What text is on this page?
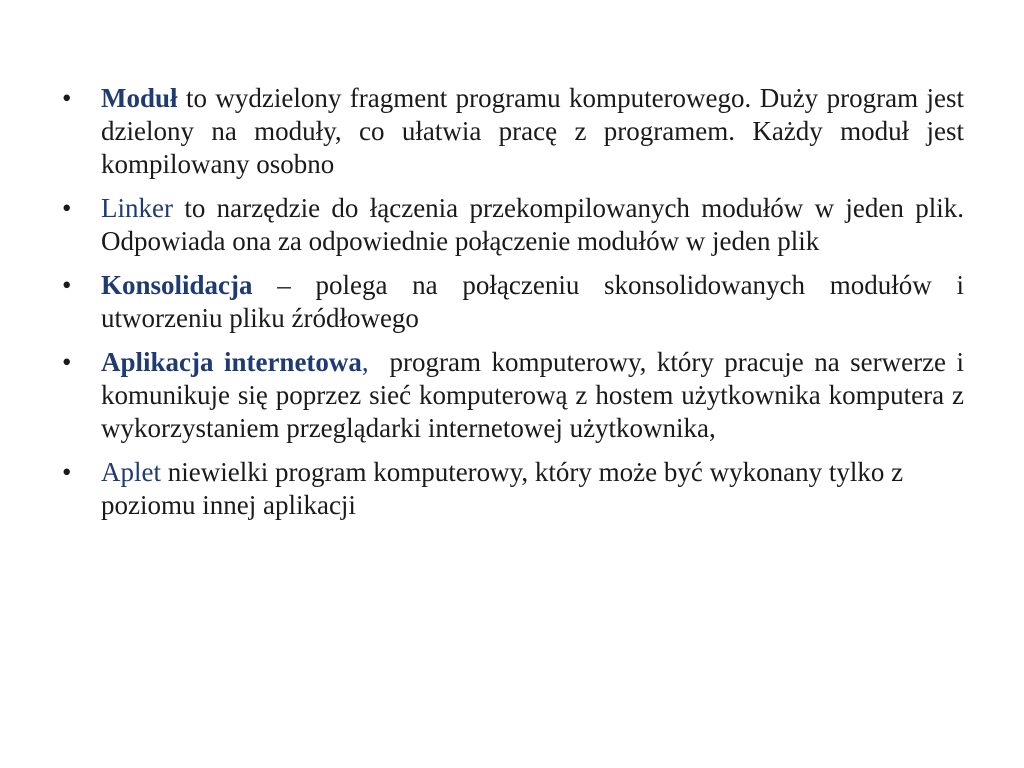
•	Moduł to wydzielony fragment programu komputerowego. Duży program jest dzielony na moduły, co ułatwia pracę z programem. Każdy moduł jest kompilowany osobno
•	Linker to narzędzie do łączenia przekompilowanych modułów w jeden plik. Odpowiada ona za odpowiednie połączenie modułów w jeden plik
•	Konsolidacja – polega na połączeniu skonsolidowanych modułów i utworzeniu pliku źródłowego
•	Aplikacja internetowa,  program komputerowy, który pracuje na serwerze i komunikuje się poprzez sieć komputerową z hostem użytkownika komputera z wykorzystaniem przeglądarki internetowej użytkownika,
•	Aplet niewielki program komputerowy, który może być wykonany tylko z poziomu innej aplikacji
